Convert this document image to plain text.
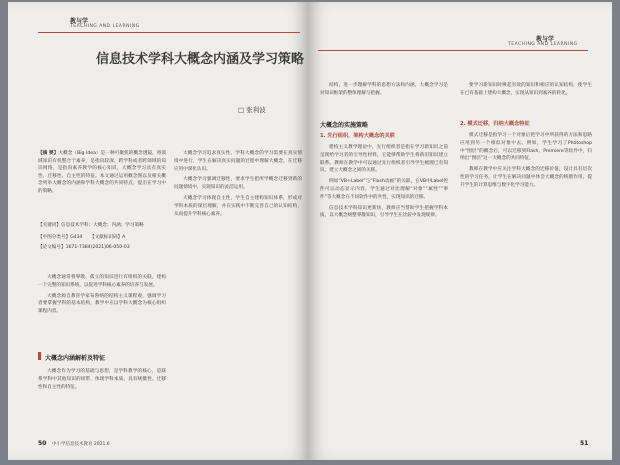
教与学
TEACHING AND LEARNING
信息技术学科大概念内涵及学习策略
□ 张利波
【摘 要】大概念（Big Idea）是一种可聚焦的概念透镜，将领域知识有机整合于素养，是指向较深、跨学科或者跨领域的知识网络，是指向素养教学的核心知识，大概念学习具有真实性、迁移性、自主性的特征。本文通过运用概念图以及相关概念列举大概念的内涵和学科大概念的共同特点，提出在学习中的策略。
【关键词】信息技术学科；大概念；内涵；学习策略
【中图分类号】G434 【文献标识码】A
【论文编号】1671-7384(2021)06-050-03

大概念通常将零散、孤立的知识进行有组织的关联，建构一个完整的知识系统，以促进学科核心素养的培养与发展。

大概念源自教育学家布鲁纳的结构主义课程观，强调学习者要掌握学科的基本结构，教学中应以学科大概念为核心组织课程内容。

大概念内涵解析及特征

大概念作为学习的基础与思想，是学科教学的核心，是联系学科中其他知识的纽带，体现学科本质，具有统摄性、迁移性和自主性的特征。

大概念学习追求真实性、学科大概念的学习需要在真实情境中进行，学生在解决真实问题的过程中理解大概念，在迁移应用中深化认识。

大概念学习强调迁移性，要求学生把所学概念迁移到新的问题情境中，实现知识的灵活运用。

大概念学习体现自主性，学生自主建构知识体系，形成对学科本质的深层理解，并在实践中不断完善自己的认知结构，从而提升学科核心素养。

50 中小学信息技术教育 2021.6
教与学
TEACHING AND LEARNING

结构，进一步理解学科的思想方法和内涵，大概念学习是对知识框架的整体理解与把握。

大概念的实施策略
1. 先行组织，架构大概念的关联

建构主义教学理论中，先行组织者是指在学习新知识之前呈现给学习者的引导性材料，它能够帮助学生将新旧知识建立联系。教师在教学中可以通过先行组织者引导学生梳理已有知识，建立大概念之间的关联。

例如“VB+Label”与“Flash动画”的关联，在VB中Label控件可以动态显示内容，学生通过对比理解“对象”“属性”“事件”等大概念在不同软件中的共性，实现知识的迁移。

信息技术学科知识更新快，教师应当帮助学生把握学科本质，以大概念统整零散知识，引导学生在比较中发现规律。

要学习新知识时唤起有效的知识和相应的认知结构，使学生在已有基础上建构大概念，实现从知识到素养的转化。

2. 模式迁移，归纳大概念特征

模式迁移是指学习一个对象后把学习中所获得的方法和思路应用到另一个相似对象中去。例如，学生学习了Photoshop中“图层”的概念后，可以迁移到Flash、Premiere等软件中，归纳出“图层”这一大概念的共同特征。

教师在教学中应关注学科大概念的迁移价值，设计具有层次性的学习任务，让学生在解决问题中体会大概念的统摄作用，提升学生的计算思维与数字化学习能力。

51
